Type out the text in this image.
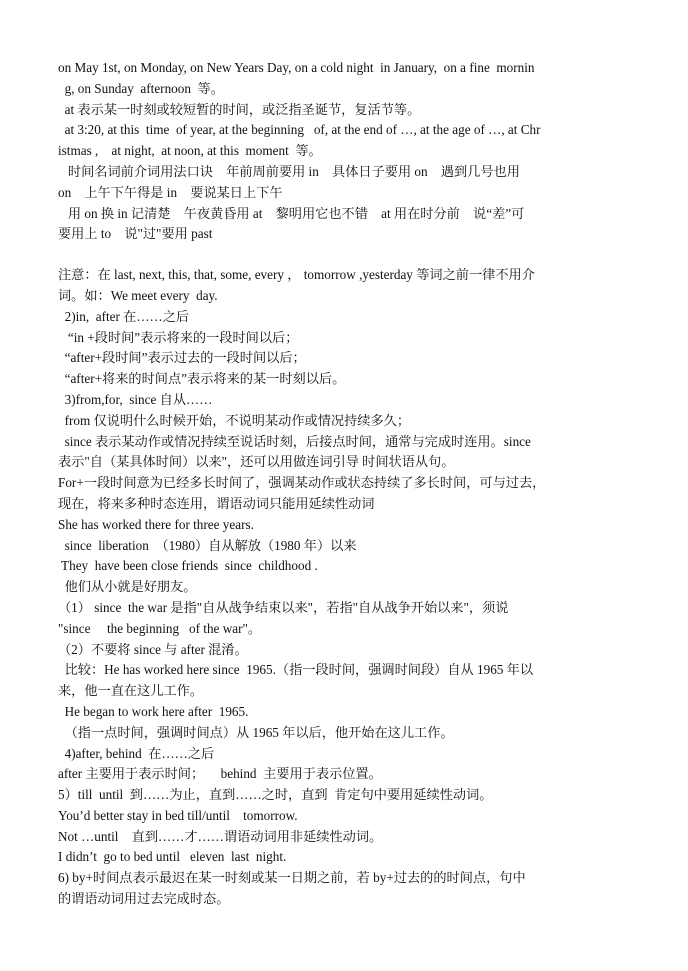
on May 1st, on Monday, on New Years Day, on a cold night  in January,  on a fine  mornin
g, on Sunday  afternoon  等。
at 表示某一时刻或较短暂的时间，或泛指圣诞节，复活节等。
at 3:20, at this  time  of year, at the beginning   of, at the end of …, at the age of …, at Chr
istmas ,    at night,  at noon, at this  moment  等。
时间名词前介词用法口诀    年前周前要用 in    具体日子要用 on    遇到几号也用
on    上午下午得是 in    要说某日上下午
用 on 换 in 记清楚    午夜黄昏用 at    黎明用它也不错    at 用在时分前    说“差”可
要用上 to    说"过"要用 past
注意：在 last, next, this, that, some, every ， tomorrow ,yesterday 等词之前一律不用介
词。如：We meet every  day.
2)in,  after 在……之后
“in +段时间”表示将来的一段时间以后；
“after+段时间”表示过去的一段时间以后；
“after+将来的时间点”表示将来的某一时刻以后。
3)from,for,  since 自从……
from 仅说明什么时候开始，不说明某动作或情况持续多久；
since 表示某动作或情况持续至说话时刻，后接点时间，通常与完成时连用。since
表示"自（某具体时间）以来"，还可以用做连词引导 时间状语从句。
For+一段时间意为已经多长时间了，强调某动作或状态持续了多长时间，可与过去，
现在，将来多种时态连用，谓语动词只能用延续性动词
She has worked there for three years.
since  liberation  （1980）自从解放（1980 年）以来
They  have been close friends  since  childhood .
他们从小就是好朋友。
（1） since  the war 是指"自从战争结束以来"，若指"自从战争开始以来"，须说
"since     the beginning   of the war"。
（2）不要将 since 与 after 混淆。
比较：He has worked here since  1965.（指一段时间，强调时间段）自从 1965 年以
来，他一直在这儿工作。
He began to work here after  1965.
（指一点时间，强调时间点）从 1965 年以后，他开始在这儿工作。
4)after, behind  在……之后
after 主要用于表示时间；     behind  主要用于表示位置。
5）till  until  到……为止，直到……之时，直到  肯定句中要用延续性动词。
You’d better stay in bed till/until    tomorrow.
Not …until    直到……才……谓语动词用非延续性动词。
I didn’t  go to bed until   eleven  last  night.
6) by+时间点表示最迟在某一时刻或某一日期之前，若 by+过去的的时间点，句中
的谓语动词用过去完成时态。
